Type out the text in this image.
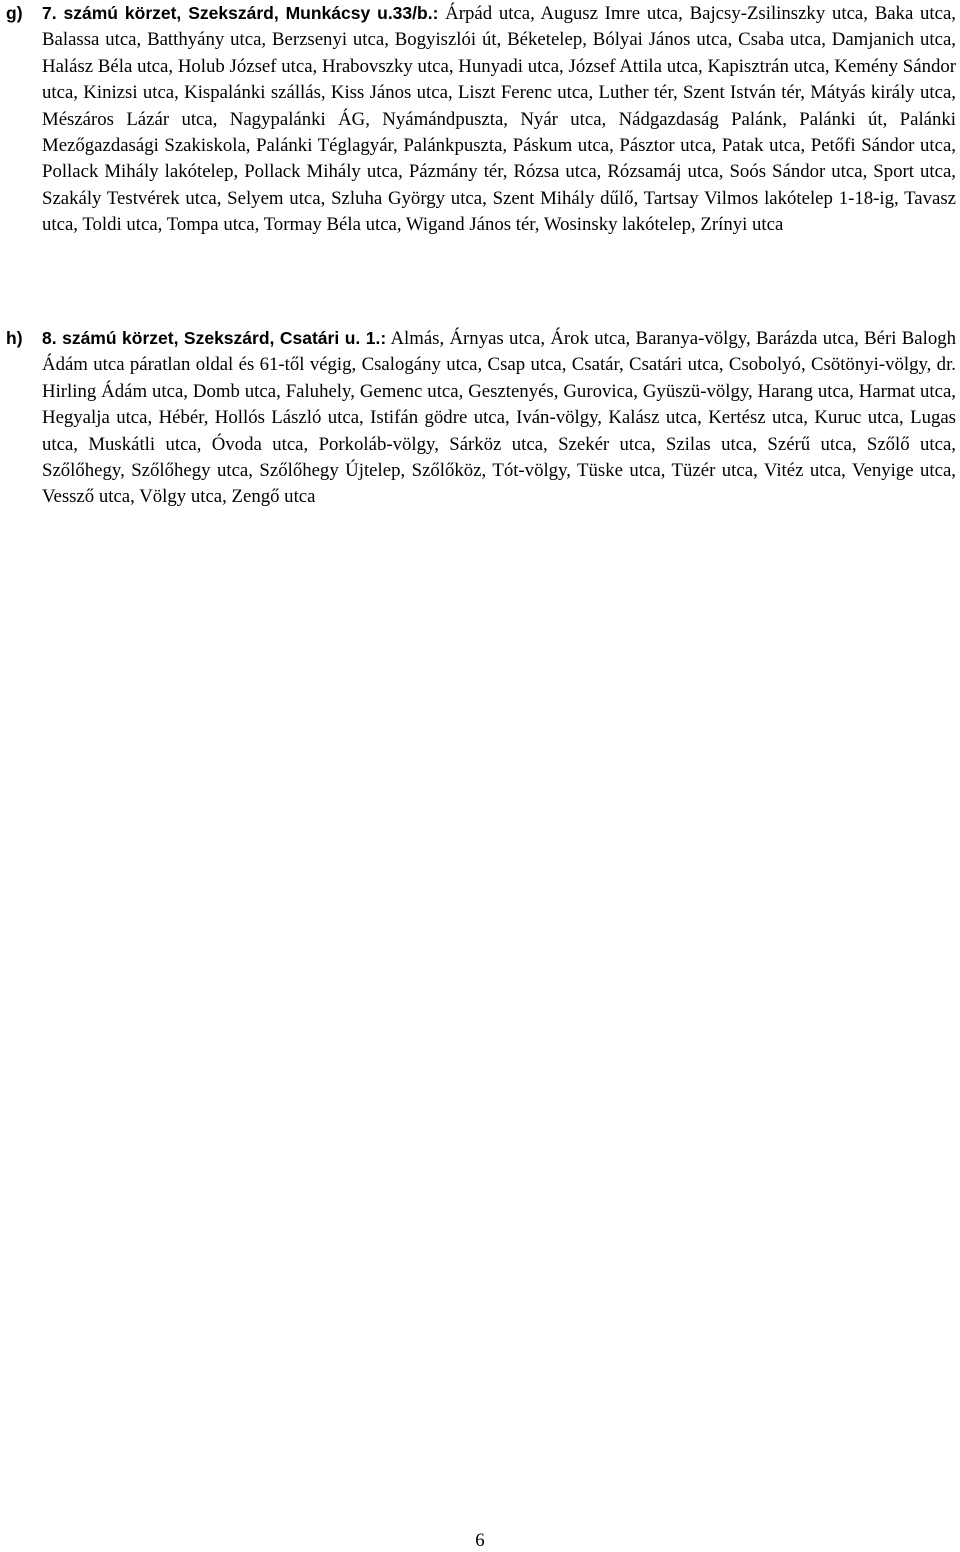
g) 7. számú körzet, Szekszárd, Munkácsy u.33/b.: Árpád utca, Augusz Imre utca, Bajcsy-Zsilinszky utca, Baka utca, Balassa utca, Batthyány utca, Berzsenyi utca, Bogyiszlói út, Béketelep, Bólyai János utca, Csaba utca, Damjanich utca, Halász Béla utca, Holub József utca, Hrabovszky utca, Hunyadi utca, József Attila utca, Kapisztrán utca, Kemény Sándor utca, Kinizsi utca, Kispalánki szállás, Kiss János utca, Liszt Ferenc utca, Luther tér, Szent István tér, Mátyás király utca, Mészáros Lázár utca, Nagypalánki ÁG, Nyámándpuszta, Nyár utca, Nádgazdaság Palánk, Palánki út, Palánki Mezőgazdasági Szakiskola, Palánki Téglagyár, Palánkpuszta, Páskum utca, Pásztor utca, Patak utca, Petőfi Sándor utca, Pollack Mihály lakótelep, Pollack Mihály utca, Pázmány tér, Rózsa utca, Rózsamáj utca, Soós Sándor utca, Sport utca, Szakály Testvérek utca, Selyem utca, Szluha György utca, Szent Mihály dűlő, Tartsay Vilmos lakótelep 1-18-ig, Tavasz utca, Toldi utca, Tompa utca, Tormay Béla utca, Wigand János tér, Wosinsky lakótelep, Zrínyi utca
h) 8. számú körzet, Szekszárd, Csatári u. 1.: Almás, Árnyas utca, Árok utca, Baranya-völgy, Barázda utca, Béri Balogh Ádám utca páratlan oldal és 61-től végig, Csalogány utca, Csap utca, Csatár, Csatári utca, Csobolyó, Csötönyi-völgy, dr. Hirling Ádám utca, Domb utca, Faluhely, Gemenc utca, Gesztenyés, Gurovica, Gyüszü-völgy, Harang utca, Harmat utca, Hegyalja utca, Hébér, Hollós László utca, Istifán gödre utca, Iván-völgy, Kalász utca, Kertész utca, Kuruc utca, Lugas utca, Muskátli utca, Óvoda utca, Porkoláb-völgy, Sárköz utca, Szekér utca, Szilas utca, Szérű utca, Szőlő utca, Szőlőhegy, Szőlőhegy utca, Szőlőhegy Újtelep, Szőlőköz, Tót-völgy, Tüske utca, Tüzér utca, Vitéz utca, Venyige utca, Vessző utca, Völgy utca, Zengő utca
6
